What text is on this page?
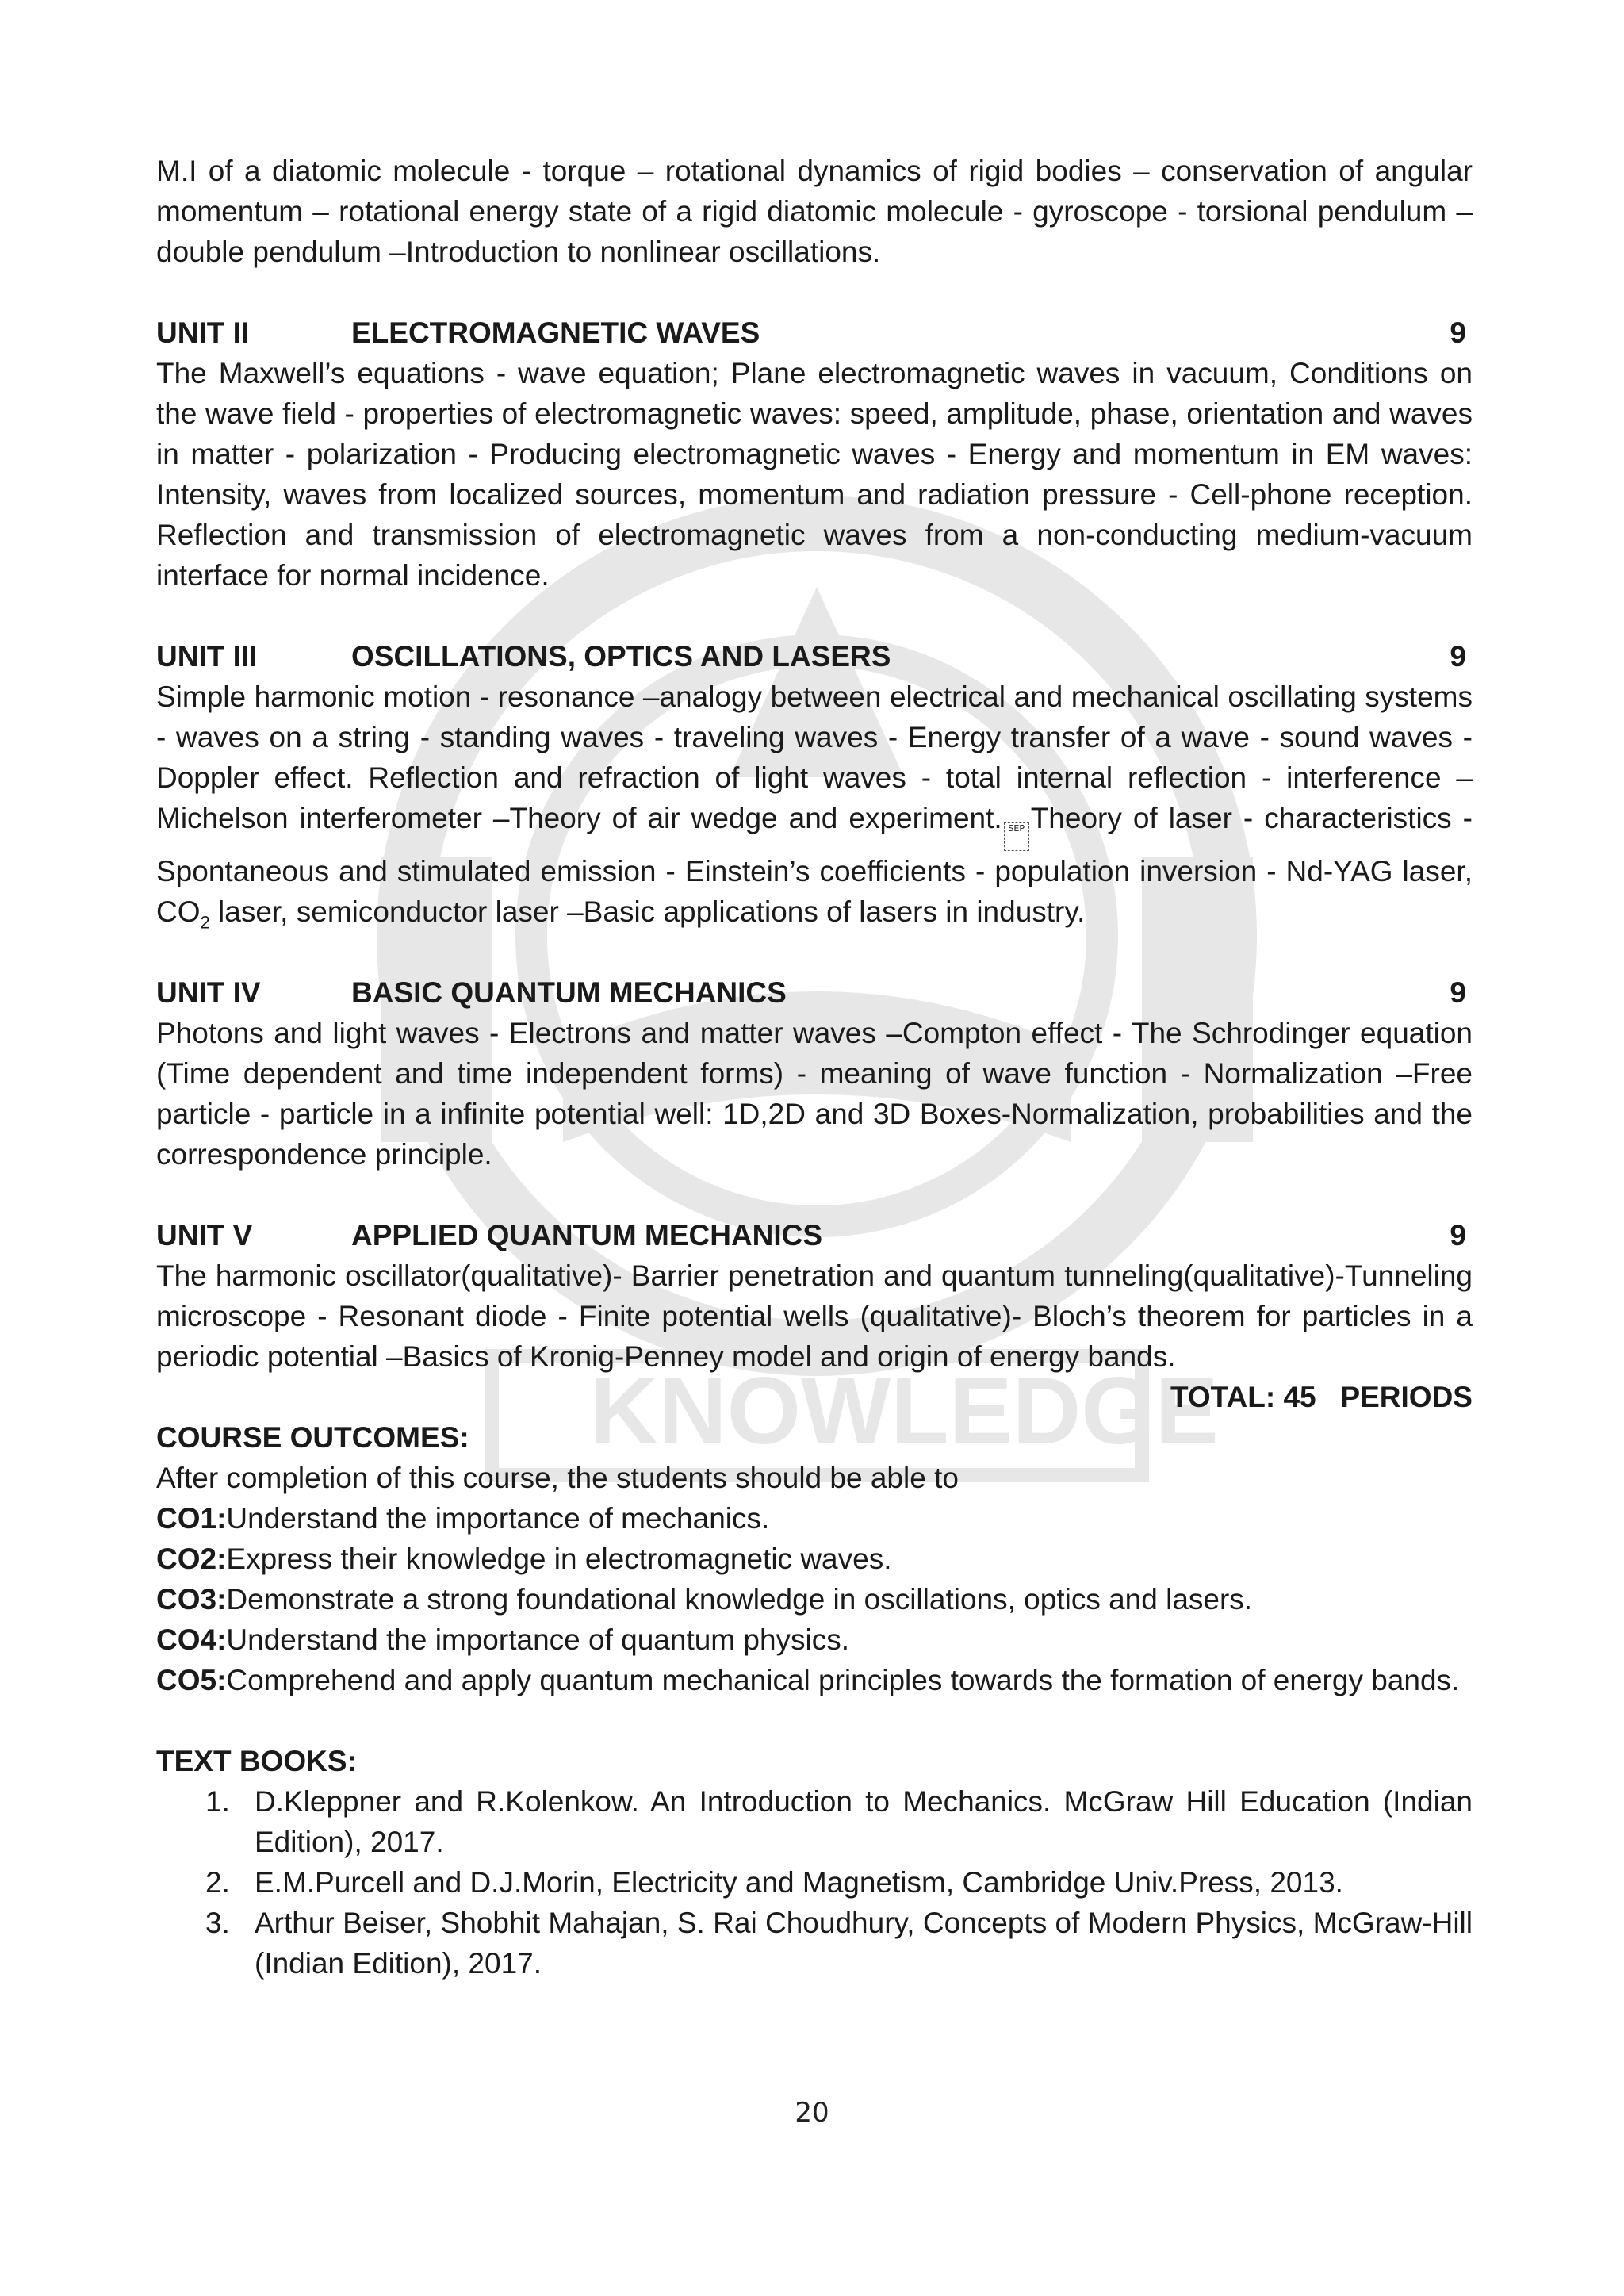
KNOWLEDGE

M.I of a diatomic molecule - torque – rotational dynamics of rigid bodies – conservation of angular momentum – rotational energy state of a rigid diatomic molecule - gyroscope - torsional pendulum – double pendulum –Introduction to nonlinear oscillations.

UNIT II	ELECTROMAGNETIC WAVES	9

The Maxwell’s equations - wave equation; Plane electromagnetic waves in vacuum, Conditions on the wave field - properties of electromagnetic waves: speed, amplitude, phase, orientation and waves in matter - polarization - Producing electromagnetic waves - Energy and momentum in EM waves: Intensity, waves from localized sources, momentum and radiation pressure - Cell-phone reception. Reflection and transmission of electromagnetic waves from a non-conducting medium-vacuum interface for normal incidence.

UNIT III	OSCILLATIONS, OPTICS AND LASERS	9

Simple harmonic motion - resonance –analogy between electrical and mechanical oscillating systems - waves on a string - standing waves - traveling waves - Energy transfer of a wave - sound waves - Doppler effect. Reflection and refraction of light waves - total internal reflection - interference –Michelson interferometer –Theory of air wedge and experiment. SEP Theory of laser - characteristics - Spontaneous and stimulated emission - Einstein’s coefficients - population inversion - Nd-YAG laser, $CO_2$ laser, semiconductor laser –Basic applications of lasers in industry.

UNIT IV	BASIC QUANTUM MECHANICS	9

Photons and light waves - Electrons and matter waves –Compton effect - The Schrodinger equation (Time dependent and time independent forms) - meaning of wave function - Normalization –Free particle - particle in a infinite potential well: 1D,2D and 3D Boxes-Normalization, probabilities and the correspondence principle.

UNIT V	APPLIED QUANTUM MECHANICS	9

The harmonic oscillator(qualitative)- Barrier penetration and quantum tunneling(qualitative)-Tunneling microscope - Resonant diode - Finite potential wells (qualitative)- Bloch’s theorem for particles in a periodic potential –Basics of Kronig-Penney model and origin of energy bands.

TOTAL: 45   PERIODS

COURSE OUTCOMES:

After completion of this course, the students should be able to

CO1:Understand the importance of mechanics.

CO2:Express their knowledge in electromagnetic waves.

CO3:Demonstrate a strong foundational knowledge in oscillations, optics and lasers.

CO4:Understand the importance of quantum physics.

CO5:Comprehend and apply quantum mechanical principles towards the formation of energy bands.

TEXT BOOKS:

1. D.Kleppner and R.Kolenkow. An Introduction to Mechanics. McGraw Hill Education (Indian Edition), 2017.
2. E.M.Purcell and D.J.Morin, Electricity and Magnetism, Cambridge Univ.Press, 2013.
3. Arthur Beiser, Shobhit Mahajan, S. Rai Choudhury, Concepts of Modern Physics, McGraw-Hill (Indian Edition), 2017.
20
